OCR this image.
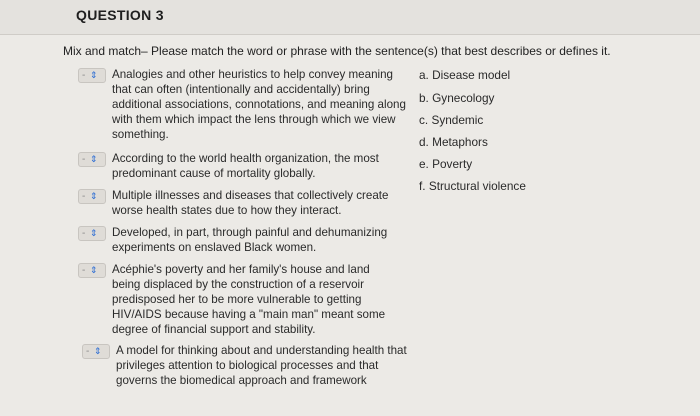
QUESTION 3
Mix and match– Please match the word or phrase with the sentence(s) that best describes or defines it.
- ⇕ Analogies and other heuristics to help convey meaning that can often (intentionally and accidentally) bring additional associations, connotations, and meaning along with them which impact the lens through which we view something.
- ⇕ According to the world health organization, the most predominant cause of mortality globally.
- ⇕ Multiple illnesses and diseases that collectively create worse health states due to how they interact.
- ⇕ Developed, in part, through painful and dehumanizing experiments on enslaved Black women.
- ⇕ Acéphie's poverty and her family's house and land being displaced by the construction of a reservoir predisposed her to be more vulnerable to getting HIV/AIDS because having a "main man" meant some degree of financial support and stability.
- ⇕ A model for thinking about and understanding health that privileges attention to biological processes and that governs the biomedical approach and framework
a. Disease model
b. Gynecology
c. Syndemic
d. Metaphors
e. Poverty
f. Structural violence
